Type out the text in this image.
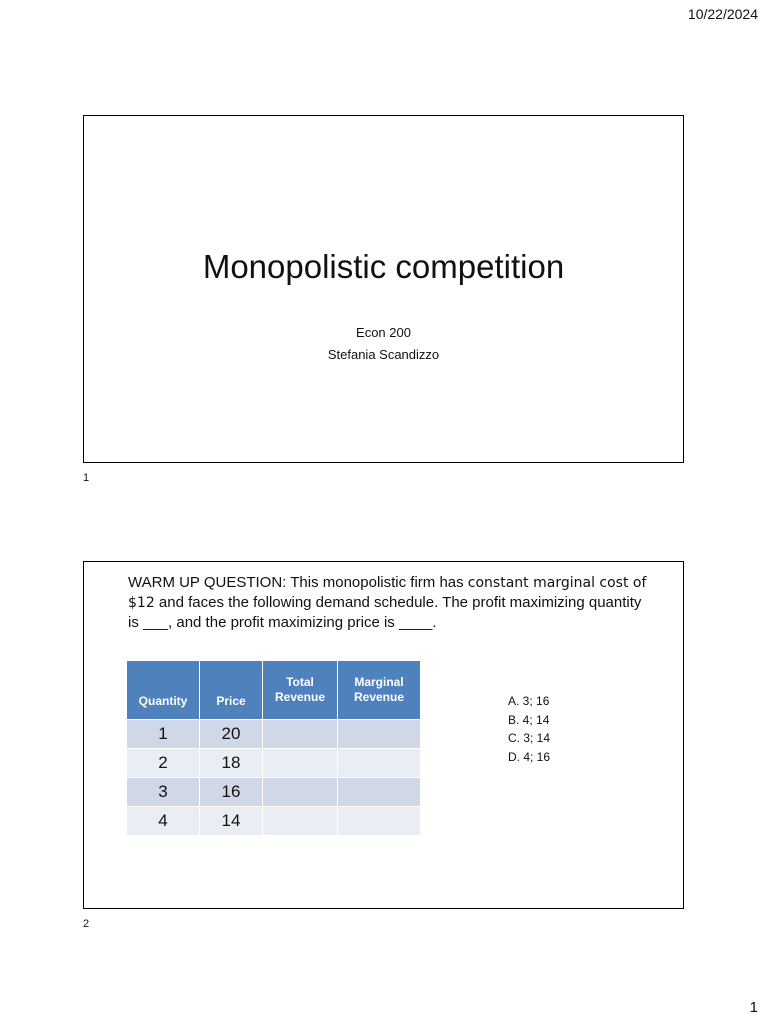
10/22/2024
Monopolistic competition
Econ 200
Stefania Scandizzo
1
WARM UP QUESTION: This monopolistic firm has constant marginal cost of $12 and faces the following demand schedule. The profit maximizing quantity is ___, and the profit maximizing price is ____.
Quantity	Price	Total Revenue	Marginal Revenue
1	20		
2	18		
3	16		
4	14		
A. 3; 16
B. 4; 14
C. 3; 14
D. 4; 16
2
1
